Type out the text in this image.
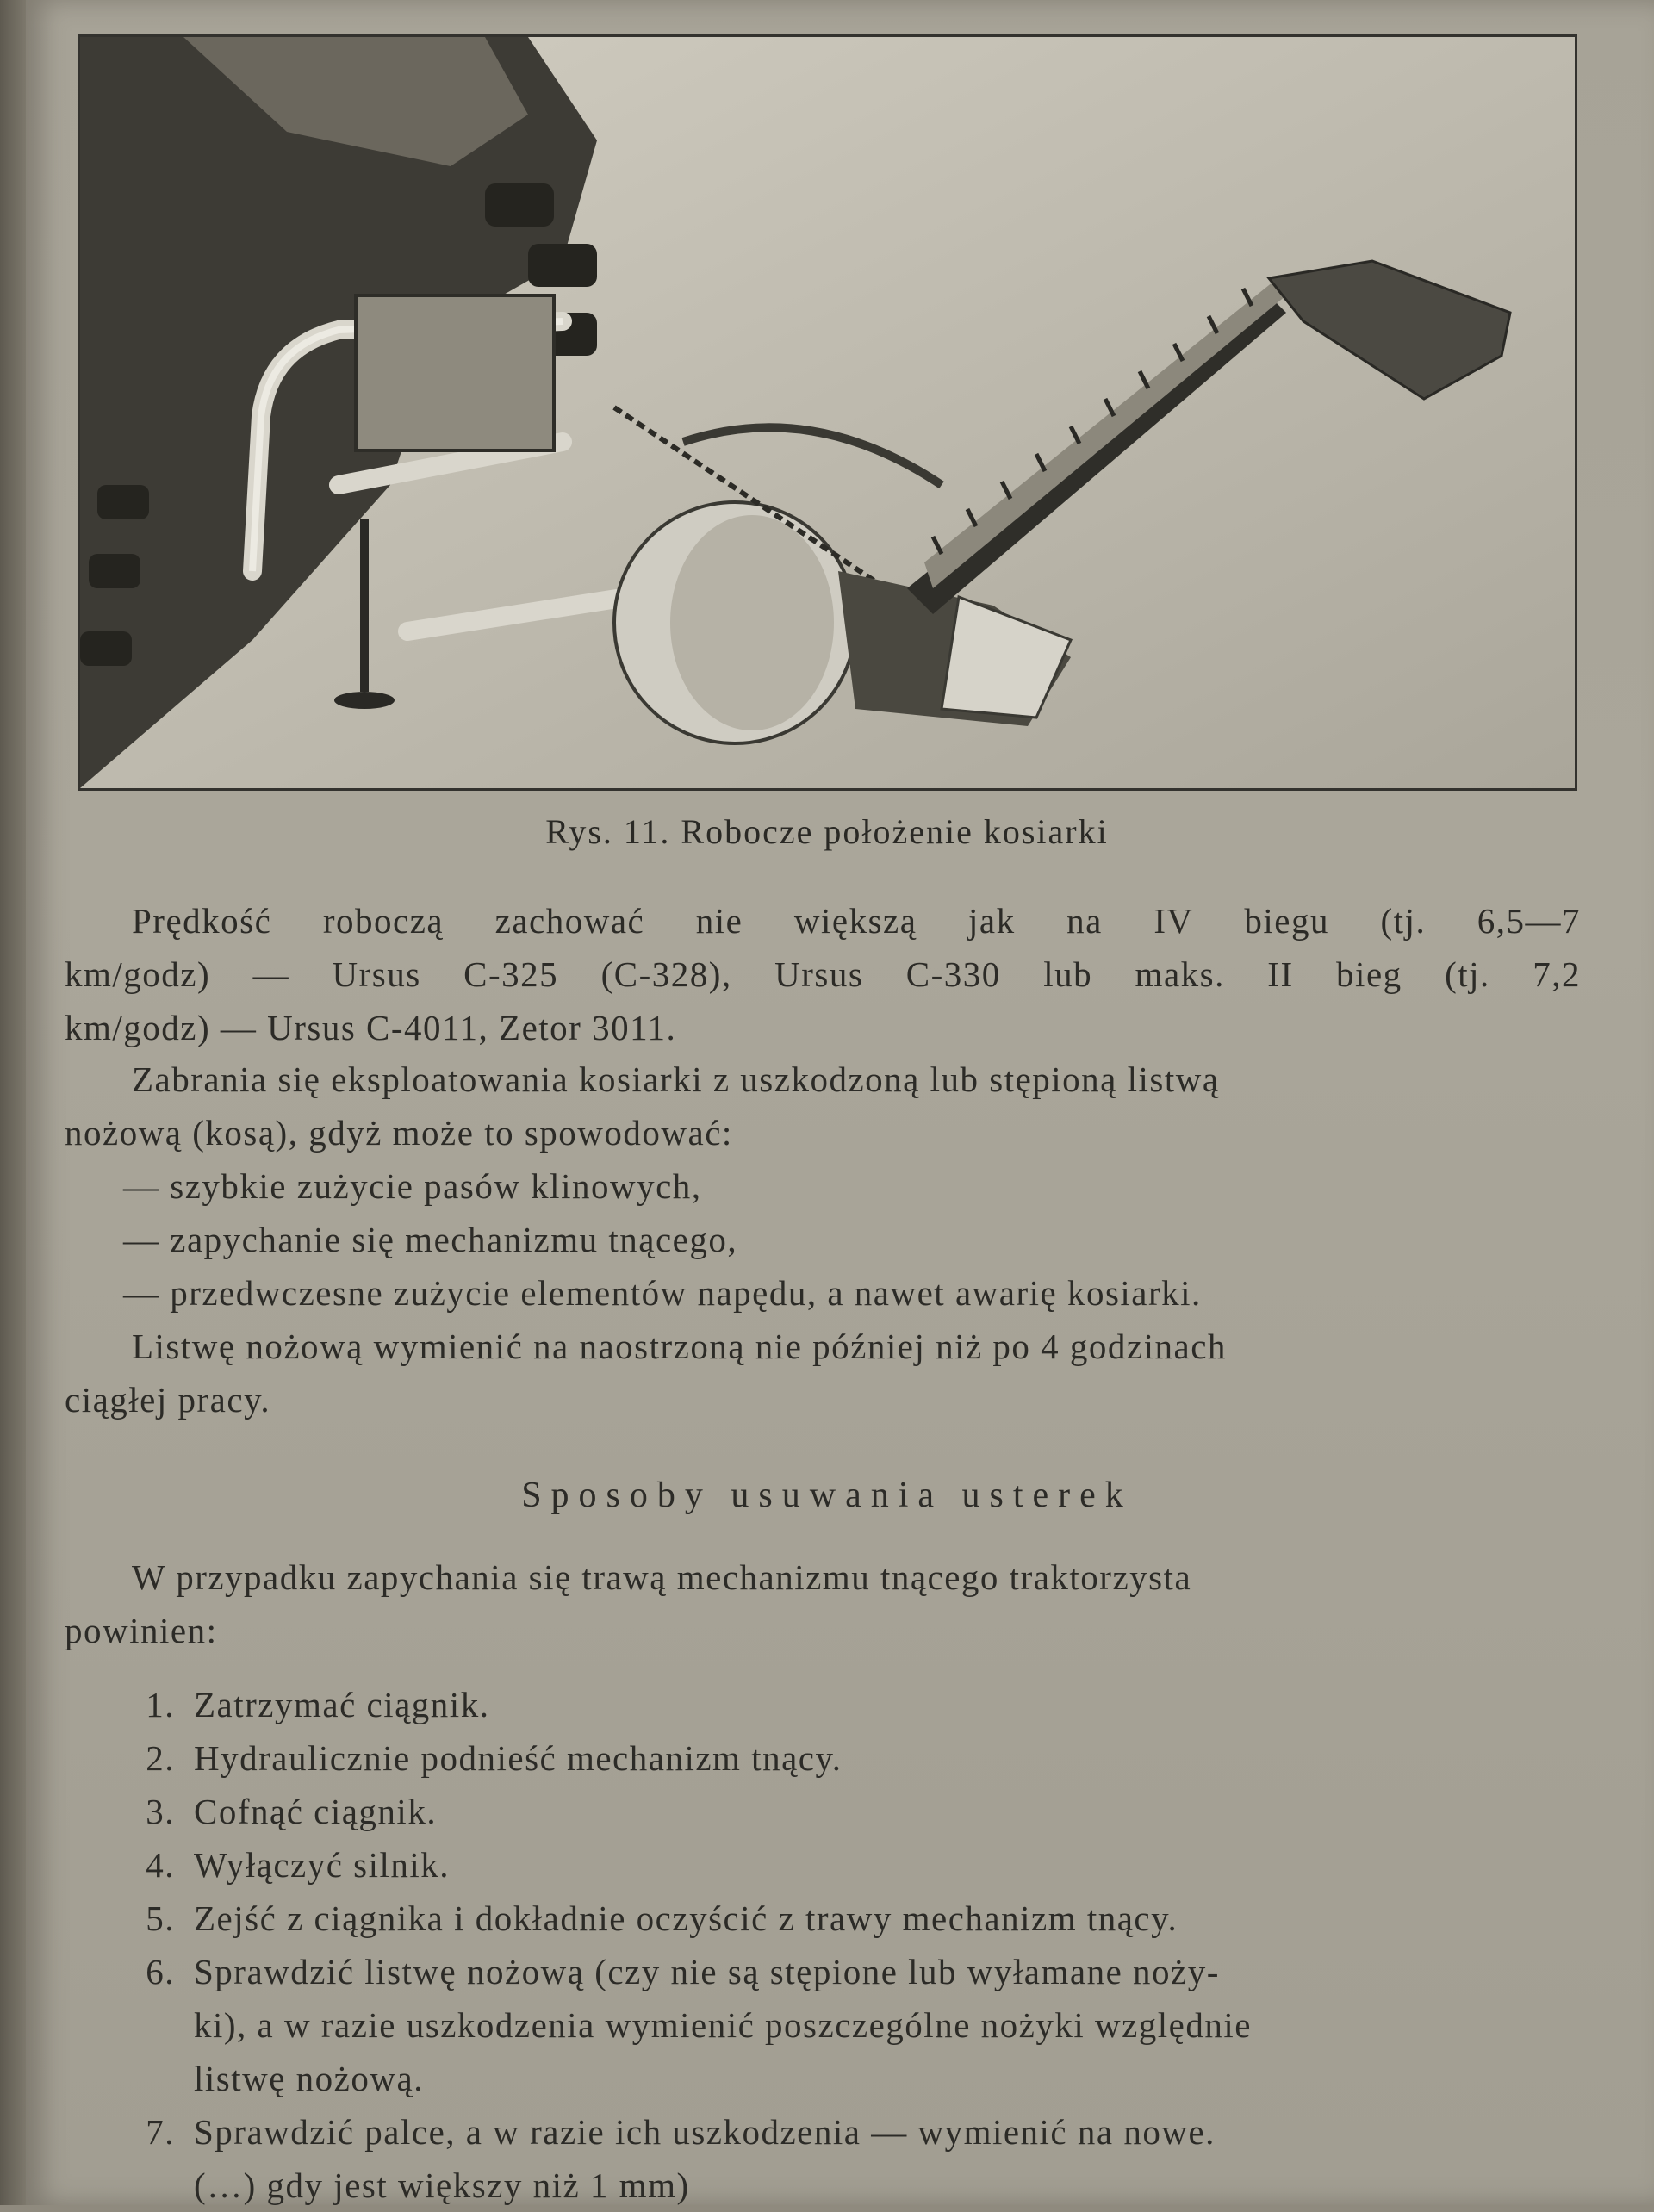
Rys. 11. Robocze położenie kosiarki

Prędkość roboczą zachować nie większą jak na IV biegu (tj. 6,5—7

km/godz) — Ursus C-325 (C-328), Ursus C-330 lub maks. II bieg (tj. 7,2

km/godz) — Ursus C-4011, Zetor 3011.

Zabrania się eksploatowania kosiarki z uszkodzoną lub stępioną listwą

nożową (kosą), gdyż może to spowodować:

— szybkie zużycie pasów klinowych,

— zapychanie się mechanizmu tnącego,

— przedwczesne zużycie elementów napędu, a nawet awarię kosiarki.

Listwę nożową wymienić na naostrzoną nie później niż po 4 godzinach

ciągłej pracy.

Sposoby usuwania usterek

W przypadku zapychania się trawą mechanizmu tnącego traktorzysta

powinien:

1. Zatrzymać ciągnik.
2. Hydraulicznie podnieść mechanizm tnący.
3. Cofnąć ciągnik.
4. Wyłączyć silnik.
5. Zejść z ciągnika i dokładnie oczyścić z trawy mechanizm tnący.
6. Sprawdzić listwę nożową (czy nie są stępione lub wyłamane noży-
ki), a w razie uszkodzenia wymienić poszczególne nożyki względnie
listwę nożową.
7. Sprawdzić palce, a w razie ich uszkodzenia — wymienić na nowe.
(…) gdy jest większy niż 1 mm)
